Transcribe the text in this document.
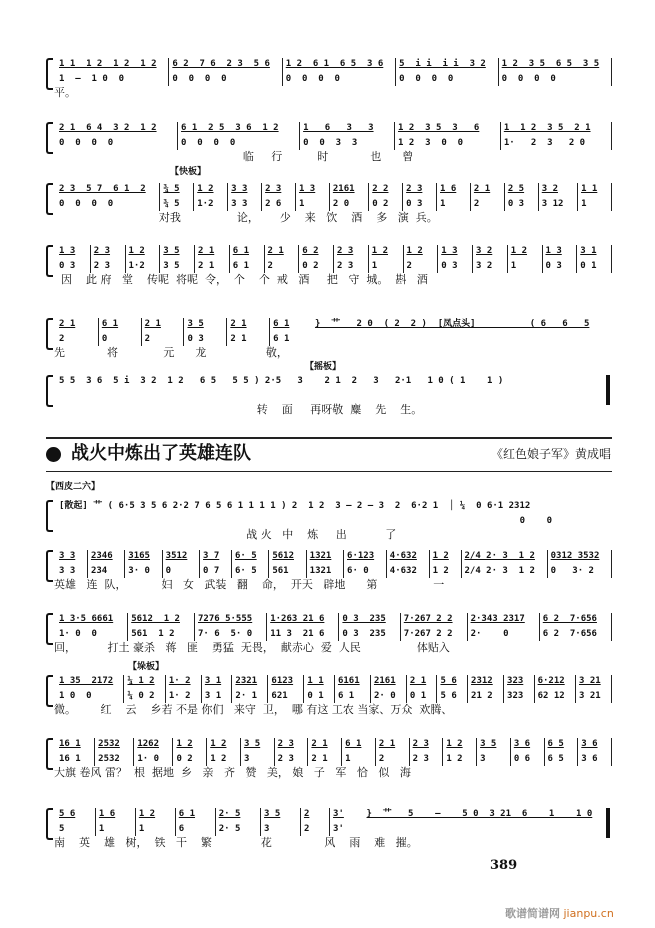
【快板】
【摇板】
【西皮二六】
【垛板】
战火中炼出了英雄连队	《红色娘子军》黄成唱
1 1  1 2  1 2  1 2
1  –  1 0  0
6 2  7 6  2 3  5 6
0  0  0  0
1 2  6 1  6 5  3 6
0  0  0  0
5  i i  i i  3 2
0  0  0  0
1 2  3 5  6 5  3 5
0  0  0  0
平。
2 1  6 4  3 2  1 2
0  0  0  0
6 1  2 5  3 6  1 2
0  0  0  0
1   6   3   3
0  0  3  3
1 2  3 5  3   6
1 2  3  0  0
1  1 2  3 5  2 1
1·   2  3   2 0
临     行          时            也      曾
2 3  5 7  6 1  2
0  0  0  0
¾ 5
¾ 5
1 2
1·2
3 3
3 3
2 3
2 6
1 3
1
2161
2 0
2 2
0 2
2 3
0 3
1 6
1
2 1
2
2 5
0 3
3 2
3 12
1 1
1
对我                论，      少    来   饮    酒    多   演  兵。
1 3
0 3
2 3
2 3
1 2
1·2
3 5
3 5
2 1
2 1
6 1
6 1
2 1
2
6 2
0 2
2 3
2 3
1 2
1
1 2
2
1 3
0 3
3 2
3 2
1 2
1
1 3
0 3
3 1
0 1
因    此 府   堂    传呢  将呢  令，  个    个  戒   酒     把   守  城。  斟   酒
2 1
2
6 1
0
2 1
2
3 5
0 3
2 1
2 1
6 1
6 1
}  ⺾   2 0  ( 2  2 )  [凤点头]          ( 6   6   5
先            将             元      龙                 敬，
5 5  3 6  5 i  3 2  1 2   6 5   5 5 ) 2·5   3    2 1  2   3   2·1   1 0 ( 1    1 )
转    面     再呀敬  麋    先    生。
[散起] ⺾ ( 6·5 3 5 6 2·2 7 6 5 6 1 1 1 1 ) 2  1 2  3 – 2 – 3  2  6·2 1  │ ¼  0 6·1 2312
0    0
战 火   中    炼     出           了
3 3
3 3
2346
234
3165
3· 0
3512
0
3 7
0 7
6· 5
6· 5
5612
561
1321
1321
6·123
6· 0
4·632
4·632
1 2
1 2
2/4 2· 3  1 2
2/4 2· 3  1 2
0312 3532
0   3· 2
英雄   连  队，          妇   女   武装   翻    命，  开天   辟地      第                一
1 3·5 6661
1· 0  0
5612  1 2
561  1 2
7276 5·555
7· 6  5· 0
1·263 21 6
11 3  21 6
0 3  235
0 3  235
7·267 2 2
7·267 2 2
2·343 2317
2·    0
6 2  7·656
6 2  7·656
回，         打土 豪杀   蒋   匪    勇猛  无畏，  献赤心  爱  人民                体贴入
1 35  2172
1 0  0
¼ 1 2
¼ 0 2
1· 2
1· 2
3 1
3 1
2321
2· 1
6123
621
1 1
0 1
6161
6 1
2161
2· 0
2 1
0 1
5 6
5 6
2312
21 2
323
323
6·212
62 12
3 21
3 21
微。       红    云    乡若 不是 你们   来守  卫，  哪 有这 工农 当家、万众  欢腾、
16 1
16 1
2532
2532
1262
1· 0
1 2
0 2
1 2
1 2
3 5
3
2 3
2 3
2 1
2 1
6 1
1
2 1
2
2 3
2 3
1 2
1 2
3 5
3
3 6
0 6
6 5
6 5
3 6
3 6
大旗 卷风 雷？  根  据地  乡   亲   齐   赞   美， 娘   子   军   恰   似   海
5 6
5
1 6
1
1 2
1
6 1
6
2· 5
2· 5
3 5
3
2
2
3'
3'
}  ⺾   5    –    5 0  3 21  6    1    1 0
南    英    雄   树，  铁   干    繁              花               风    雨    难   摧。
389
歌谱简谱网 jianpu.cn
